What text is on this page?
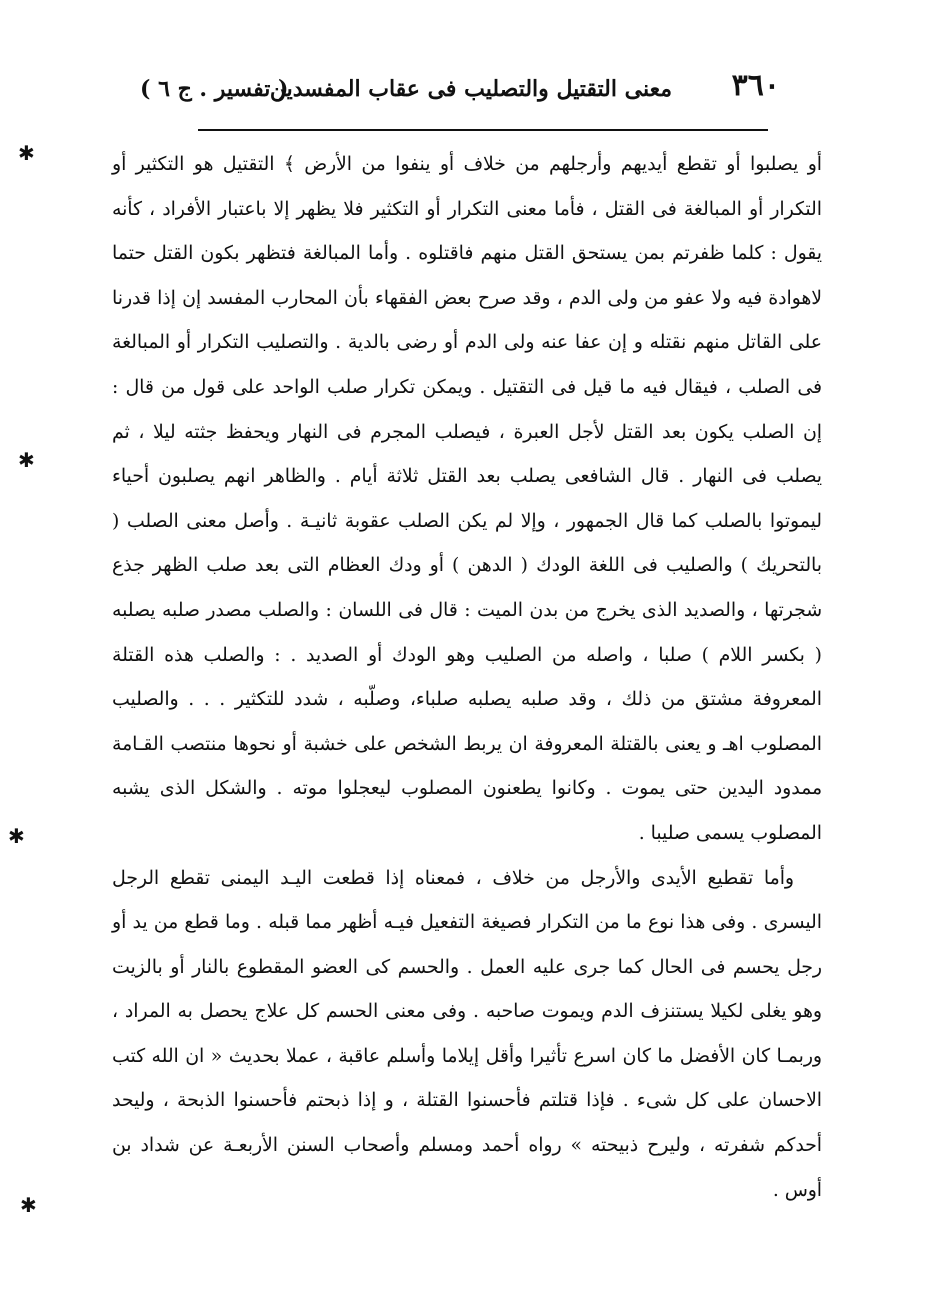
٣٦٠
معنى التقتيل والتصليب فى عقاب المفسدين
( تفسير . ج ٦ )
✱
✱
✱
✱

أو يصلبوا أو تقطع أيديهم وأرجلهم من خلاف أو ينفوا من الأرض ﴾ التقتيل هو التكثير أو التكرار أو المبالغة فى القتل ، فأما معنى التكرار أو التكثير فلا يظهر إلا باعتبار الأفراد ، كأنه يقول : كلما ظفرتم بمن يستحق القتل منهم فاقتلوه . وأما المبالغة فتظهر بكون القتل حتما لاهوادة فيه ولا عفو من ولى الدم ، وقد صرح بعض الفقهاء بأن المحارب المفسد إن إذا قدرنا على القاتل منهم نقتله و إن عفا عنه ولى الدم أو رضى بالدية . والتصليب التكرار أو المبالغة فى الصلب ، فيقال فيه ما قيل فى التقتيل . ويمكن تكرار صلب الواحد على قول من قال : إن الصلب يكون بعد القتل لأجل العبرة ، فيصلب المجرم فى النهار ويحفظ جثته ليلا ، ثم يصلب فى النهار . قال الشافعى يصلب بعد القتل ثلاثة أيام . والظاهر انهم يصلبون أحياء ليموتوا بالصلب كما قال الجمهور ، وإلا لم يكن الصلب عقوبة ثانيـة . وأصل معنى الصلب ( بالتحريك ) والصليب فى اللغة الودك ( الدهن ) أو ودك العظام التى بعد صلب الظهر جذع شجرتها ، والصديد الذى يخرج من بدن الميت : قال فى اللسان : والصلب مصدر صلبه يصلبه ( بكسر اللام ) صلبا ، واصله من الصليب وهو الودك أو الصديد . : والصلب هذه القتلة المعروفة مشتق من ذلك ، وقد صلبه يصلبه صلباء، وصلّبه ، شدد للتكثير . . . والصليب المصلوب اهـ و يعنى بالقتلة المعروفة ان يربط الشخص على خشبة أو نحوها منتصب القـامة ممدود اليدين حتى يموت . وكانوا يطعنون المصلوب ليعجلوا موته . والشكل الذى يشبه المصلوب يسمى صليبا .

وأما تقطيع الأيدى والأرجل من خلاف ، فمعناه إذا قطعت اليـد اليمنى تقطع الرجل اليسرى . وفى هذا نوع ما من التكرار فصيغة التفعيل فيـه أظهر مما قبله . وما قطع من يد أو رجل يحسم فى الحال كما جرى عليه العمل . والحسم كى العضو المقطوع بالنار أو بالزيت وهو يغلى لكيلا يستنزف الدم ويموت صاحبه . وفى معنى الحسم كل علاج يحصل به المراد ، وربمـا كان الأفضل ما كان اسرع تأثيرا وأقل إيلاما وأسلم عاقبة ، عملا بحديث « ان الله كتب الاحسان على كل شىء . فإذا قتلتم فأحسنوا القتلة ، و إذا ذبحتم فأحسنوا الذبحة ، وليحد أحدكم شفرته ، وليرح ذبيحته » رواه أحمد ومسلم وأصحاب السنن الأربعـة عن شداد بن أوس .
